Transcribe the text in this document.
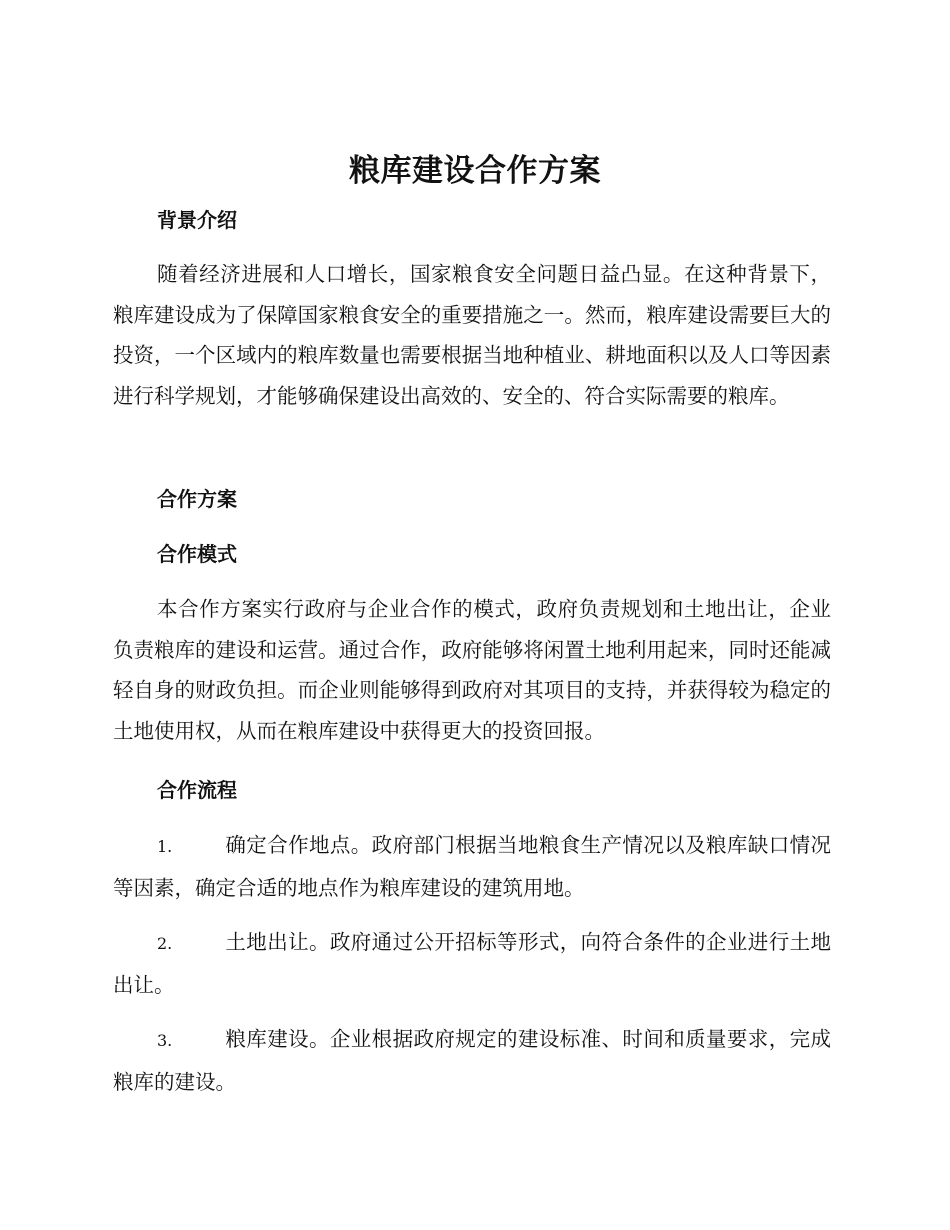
粮库建设合作方案
背景介绍

随着经济进展和人口增长，国家粮食安全问题日益凸显。在这种背景下，粮库建设成为了保障国家粮食安全的重要措施之一。然而，粮库建设需要巨大的投资，一个区域内的粮库数量也需要根据当地种植业、耕地面积以及人口等因素进行科学规划，才能够确保建设出高效的、安全的、符合实际需要的粮库。

合作方案
合作模式

本合作方案实行政府与企业合作的模式，政府负责规划和土地出让，企业负责粮库的建设和运营。通过合作，政府能够将闲置土地利用起来，同时还能减轻自身的财政负担。而企业则能够得到政府对其项目的支持，并获得较为稳定的土地使用权，从而在粮库建设中获得更大的投资回报。

合作流程

1.	确定合作地点。政府部门根据当地粮食生产情况以及粮库缺口情况等因素，确定合适的地点作为粮库建设的建筑用地。

2.	土地出让。政府通过公开招标等形式，向符合条件的企业进行土地出让。

3.	粮库建设。企业根据政府规定的建设标准、时间和质量要求，完成粮库的建设。
